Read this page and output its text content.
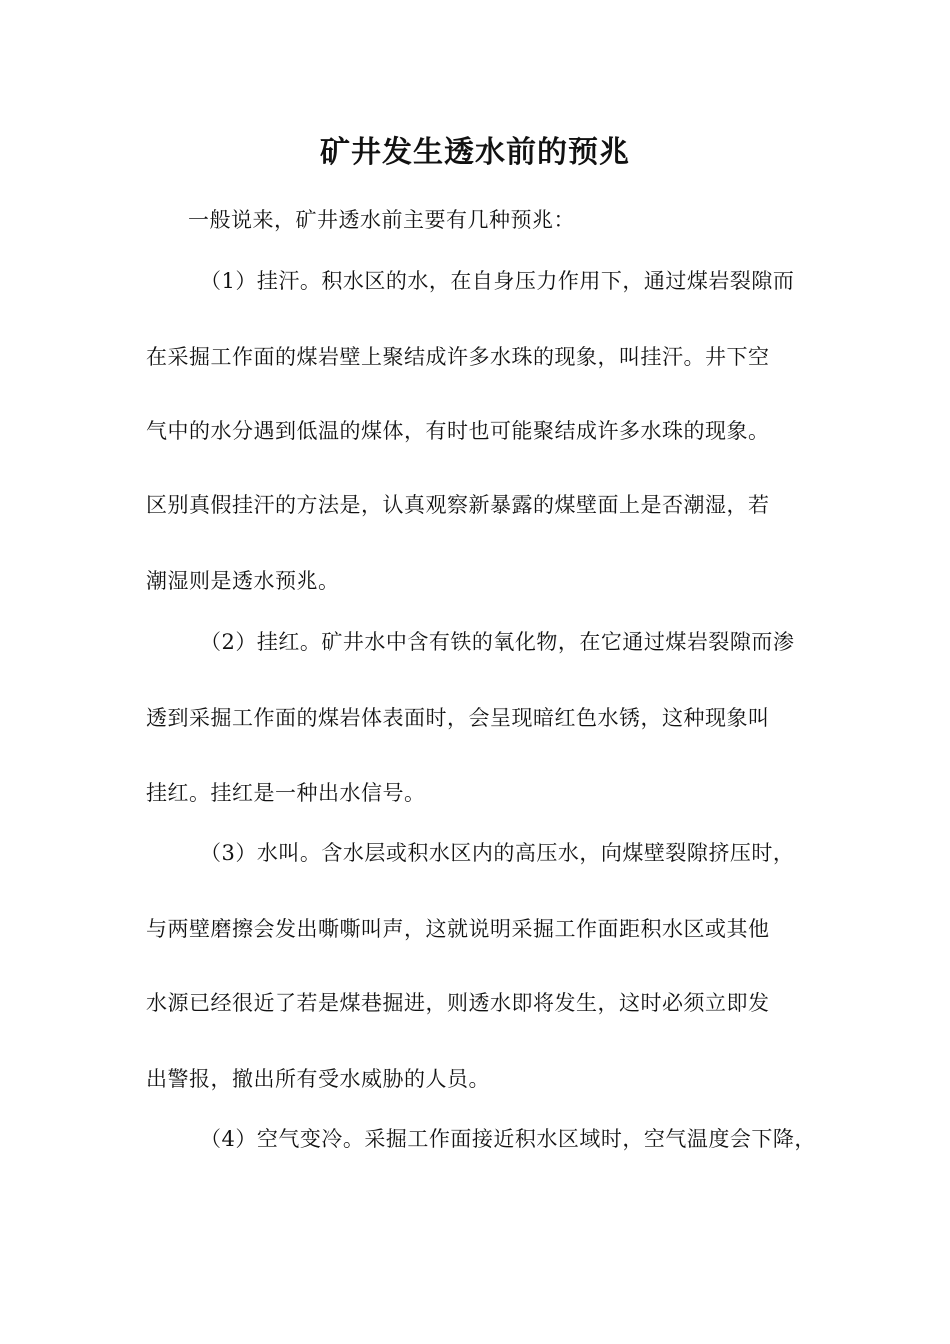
矿井发生透水前的预兆

一般说来，矿井透水前主要有几种预兆：

（1）挂汗。积水区的水，在自身压力作用下，通过煤岩裂隙而

在采掘工作面的煤岩壁上聚结成许多水珠的现象，叫挂汗。井下空

气中的水分遇到低温的煤体，有时也可能聚结成许多水珠的现象。

区别真假挂汗的方法是，认真观察新暴露的煤壁面上是否潮湿，若

潮湿则是透水预兆。

（2）挂红。矿井水中含有铁的氧化物，在它通过煤岩裂隙而渗

透到采掘工作面的煤岩体表面时，会呈现暗红色水锈，这种现象叫

挂红。挂红是一种出水信号。

（3）水叫。含水层或积水区内的高压水，向煤壁裂隙挤压时，

与两壁磨擦会发出嘶嘶叫声，这就说明采掘工作面距积水区或其他

水源已经很近了若是煤巷掘进，则透水即将发生，这时必须立即发

出警报，撤出所有受水威胁的人员。

（4）空气变冷。采掘工作面接近积水区域时，空气温度会下降，
